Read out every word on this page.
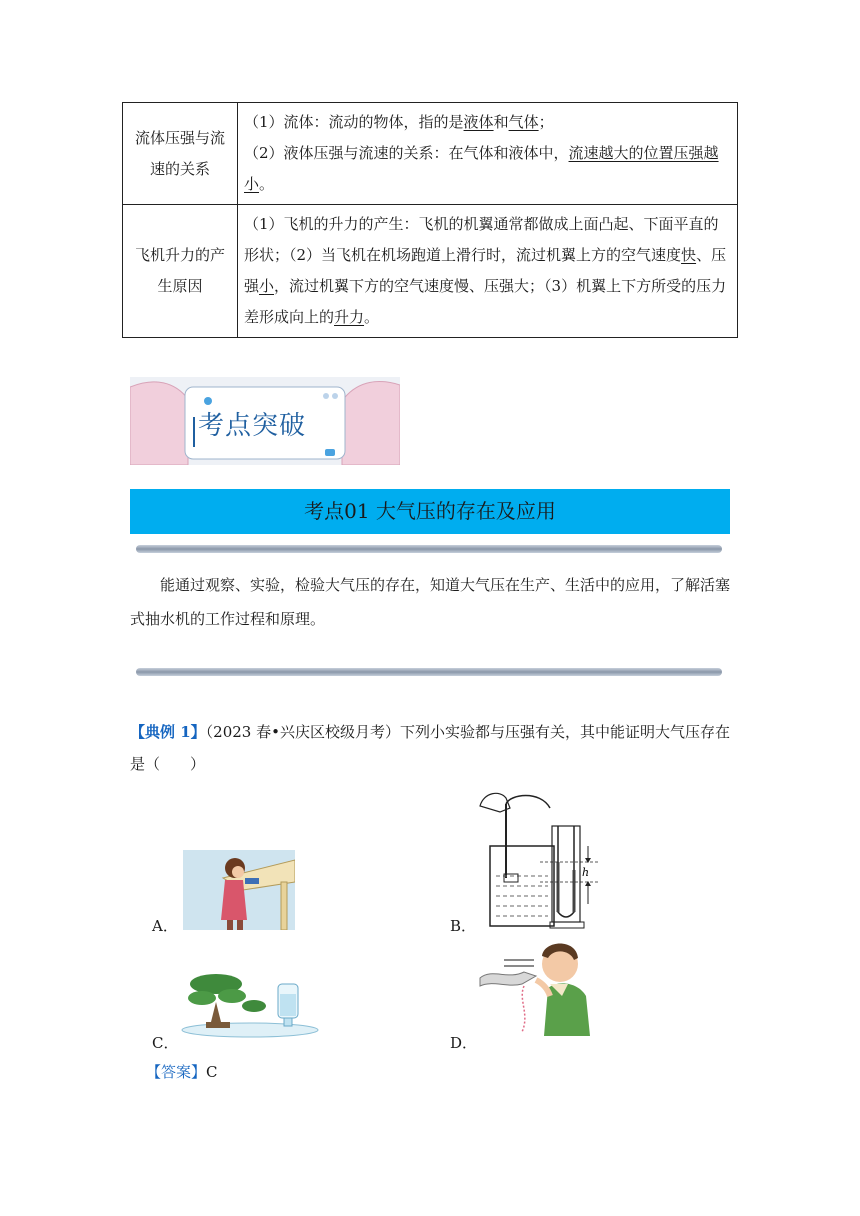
流体压强与流速的关系	（1）流体：流动的物体，指的是液体和气体；
（2）液体压强与流速的关系：在气体和液体中，流速越大的位置压强越小。

飞机升力的产生原因	（1）飞机的升力的产生：飞机的机翼通常都做成上面凸起、下面平直的形状；（2）当飞机在机场跑道上滑行时，流过机翼上方的空气速度快、压强小，流过机翼下方的空气速度慢、压强大；（3）机翼上下方所受的压力差形成向上的升力。
考点突破
考点01 大气压的存在及应用
能通过观察、实验，检验大气压的存在，知道大气压在生产、生活中的应用，了解活塞式抽水机的工作过程和原理。
【典例 1】（2023 春•兴庆区校级月考）下列小实验都与压强有关，其中能证明大气压存在是（　　）
A．
h
B．
C．	D．
【答案】C
